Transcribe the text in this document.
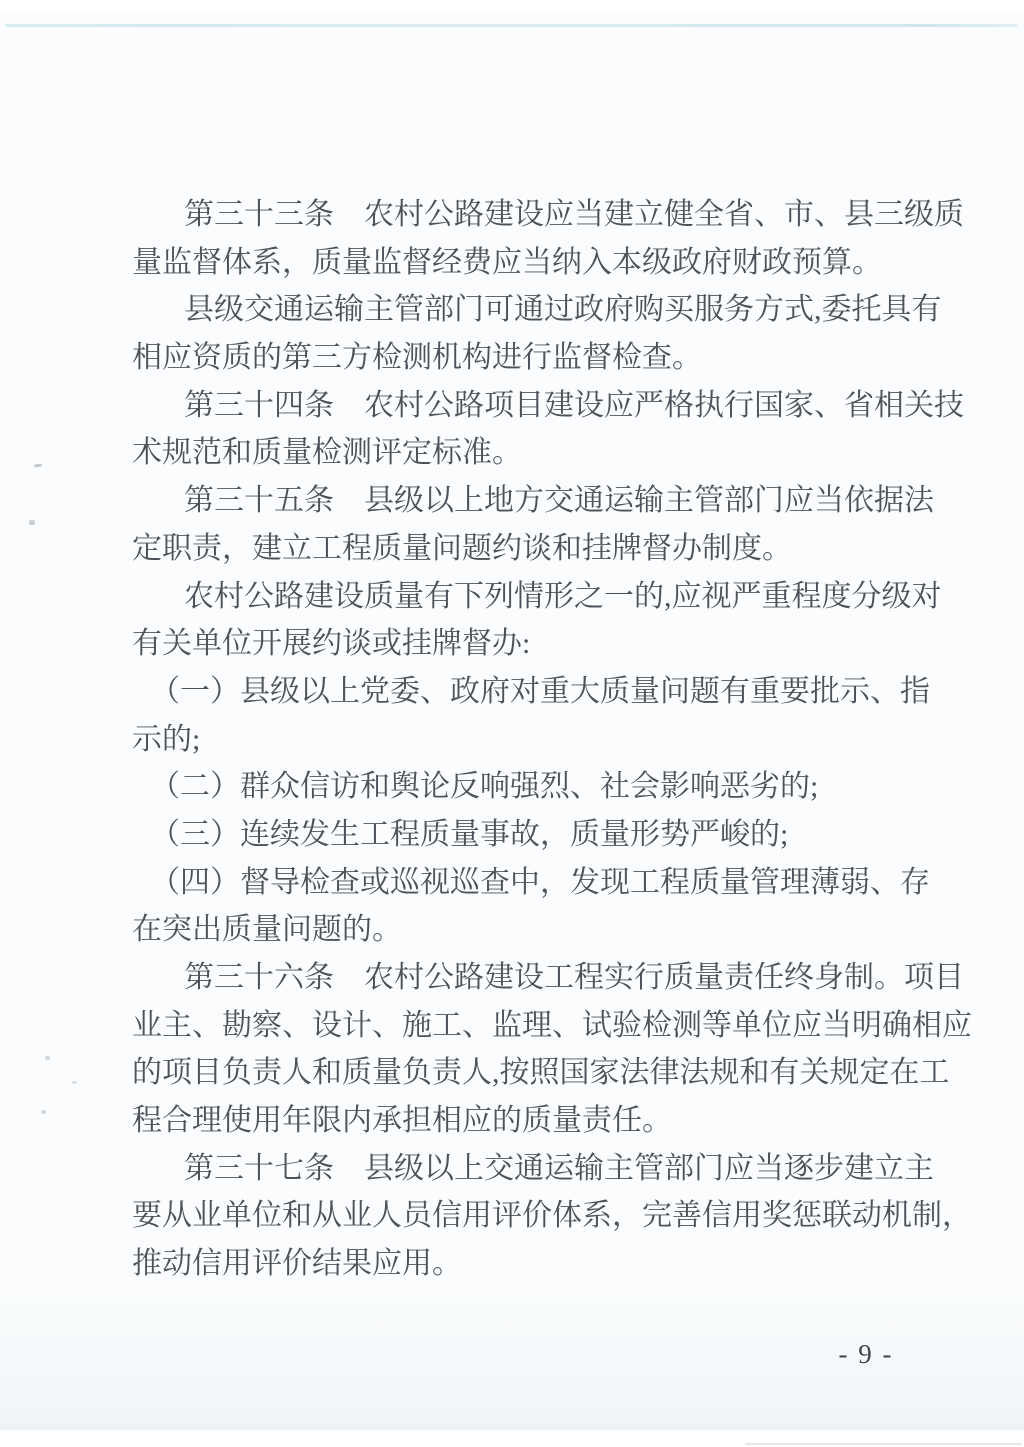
第三十三条　农村公路建设应当建立健全省、市、县三级质
量监督体系，质量监督经费应当纳入本级政府财政预算。

县级交通运输主管部门可通过政府购买服务方式,委托具有
相应资质的第三方检测机构进行监督检查。

第三十四条　农村公路项目建设应严格执行国家、省相关技
术规范和质量检测评定标准。

第三十五条　县级以上地方交通运输主管部门应当依据法
定职责，建立工程质量问题约谈和挂牌督办制度。

农村公路建设质量有下列情形之一的,应视严重程度分级对
有关单位开展约谈或挂牌督办:

（一）县级以上党委、政府对重大质量问题有重要批示、指
示的;

（二）群众信访和舆论反响强烈、社会影响恶劣的;

（三）连续发生工程质量事故，质量形势严峻的;

（四）督导检查或巡视巡查中，发现工程质量管理薄弱、存
在突出质量问题的。

第三十六条　农村公路建设工程实行质量责任终身制。项目
业主、勘察、设计、施工、监理、试验检测等单位应当明确相应
的项目负责人和质量负责人,按照国家法律法规和有关规定在工
程合理使用年限内承担相应的质量责任。

第三十七条　县级以上交通运输主管部门应当逐步建立主
要从业单位和从业人员信用评价体系，完善信用奖惩联动机制，
推动信用评价结果应用。

- 9 -
